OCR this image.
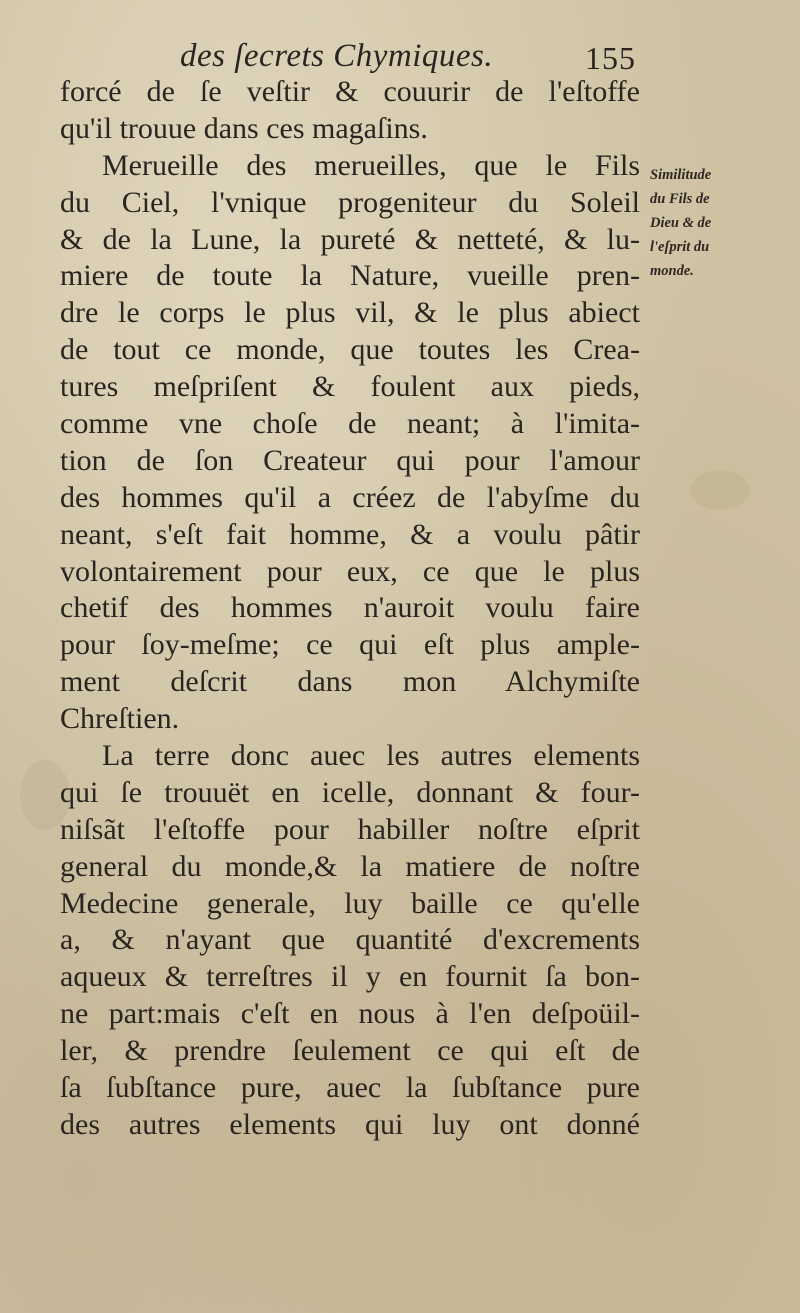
des ſecrets Chymiques.	155
forcé de ſe veſtir & couurir de l'eſtoffe
qu'il trouue dans ces magaſins.
Merueille des merueilles, que le Fils
du Ciel, l'vnique progeniteur du Soleil
& de la Lune, la pureté & netteté, & lu-
miere de toute la Nature, vueille pren-
dre le corps le plus vil, & le plus abiect
de tout ce monde, que toutes les Crea-
tures meſpriſent & foulent aux pieds,
comme vne choſe de neant; à l'imita-
tion de ſon Createur qui pour l'amour
des hommes qu'il a créez de l'abyſme du
neant, s'eſt fait homme, & a voulu pâtir
volontairement pour eux, ce que le plus
chetif des hommes n'auroit voulu faire
pour ſoy-meſme; ce qui eſt plus ample-
ment deſcrit dans mon Alchymiſte
Chreſtien.
La terre donc auec les autres elements
qui ſe trouuët en icelle, donnant & four-
niſsãt l'eſtoffe pour habiller noſtre eſprit
general du monde,& la matiere de noſtre
Medecine generale, luy baille ce qu'elle
a, & n'ayant que quantité d'excrements
aqueux & terreſtres il y en fournit ſa bon-
ne part:mais c'eſt en nous à l'en deſpoüil-
ler, & prendre ſeulement ce qui eſt de
ſa ſubſtance pure, auec la ſubſtance pure
des autres elements qui luy ont donné
Similitude
du Fils de
Dieu & de
l'eſprit du
monde.
